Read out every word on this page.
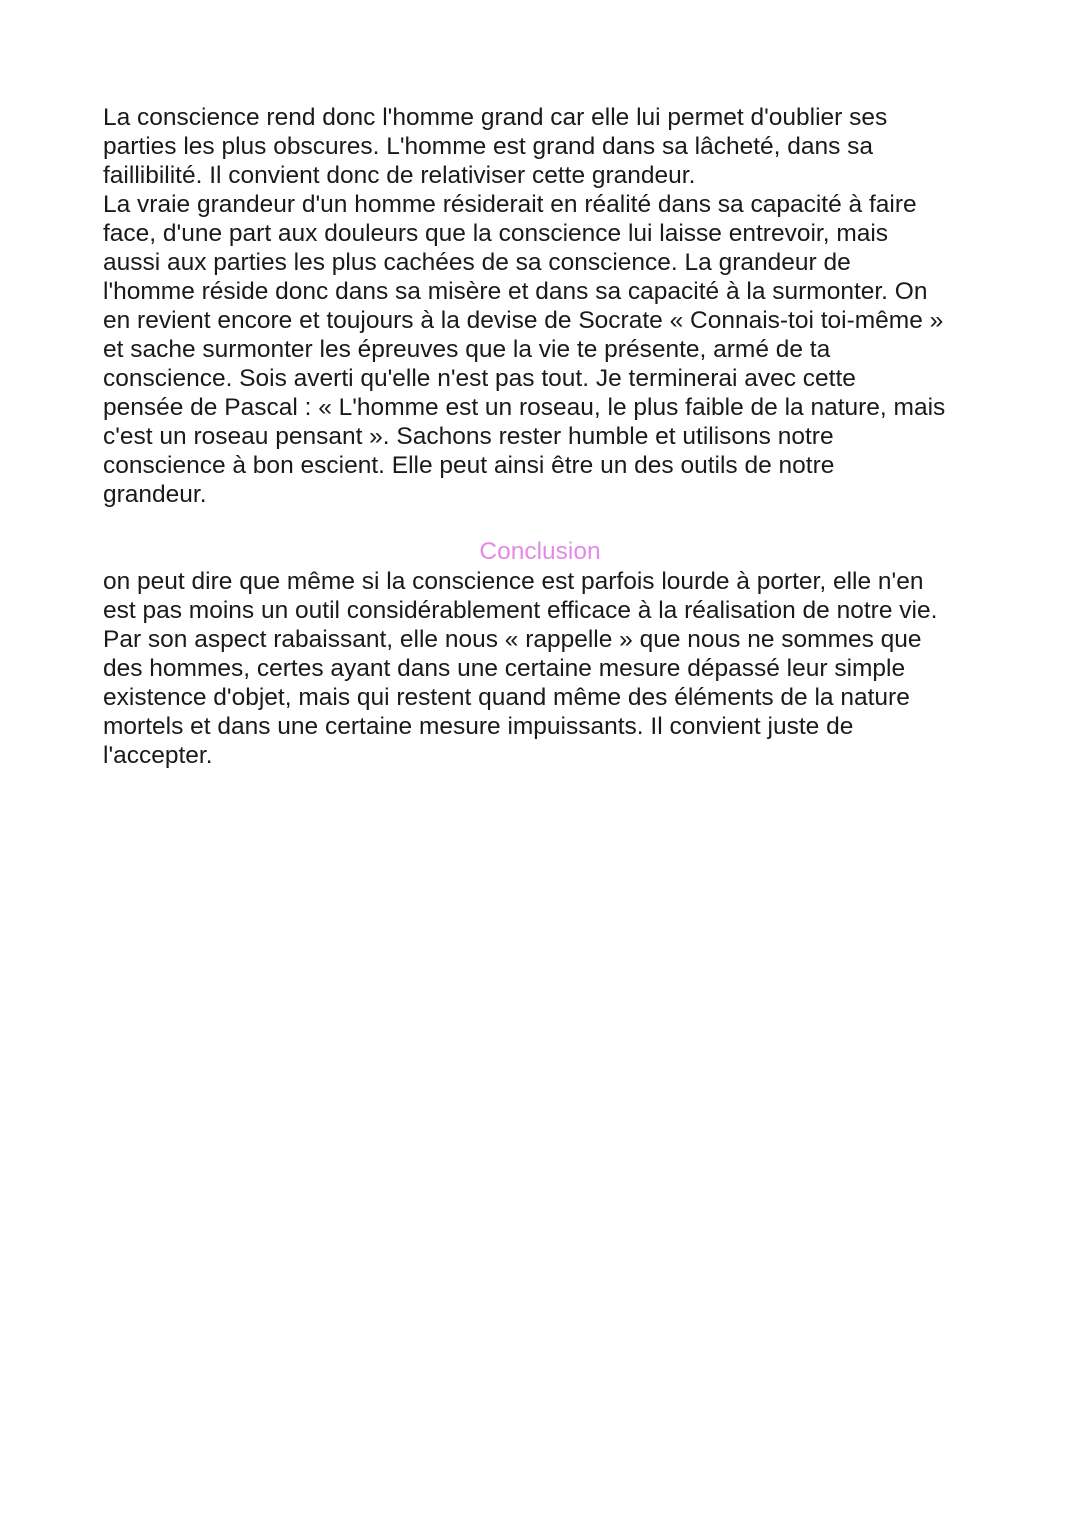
La conscience rend donc l'homme grand car elle lui permet d'oublier ses

parties les plus obscures. L'homme est grand dans sa lâcheté, dans sa

faillibilité. Il convient donc de relativiser cette grandeur.

La vraie grandeur d'un homme résiderait en réalité dans sa capacité à faire

face, d'une part aux douleurs que la conscience lui laisse entrevoir, mais

aussi aux parties les plus cachées de sa conscience. La grandeur de

l'homme réside donc dans sa misère et dans sa capacité à la surmonter. On

en revient encore et toujours à la devise de Socrate « Connais-toi toi-même »

et sache surmonter les épreuves que la vie te présente, armé de ta

conscience. Sois averti qu'elle n'est pas tout. Je terminerai avec cette

pensée de Pascal : « L'homme est un roseau, le plus faible de la nature, mais

c'est un roseau pensant ». Sachons rester humble et utilisons notre

conscience à bon escient. Elle peut ainsi être un des outils de notre

grandeur.

Conclusion

on peut dire que même si la conscience est parfois lourde à porter, elle n'en

est pas moins un outil considérablement efficace à la réalisation de notre vie.

Par son aspect rabaissant, elle nous « rappelle » que nous ne sommes que

des hommes, certes ayant dans une certaine mesure dépassé leur simple

existence d'objet, mais qui restent quand même des éléments de la nature

mortels et dans une certaine mesure impuissants. Il convient juste de

l'accepter.
